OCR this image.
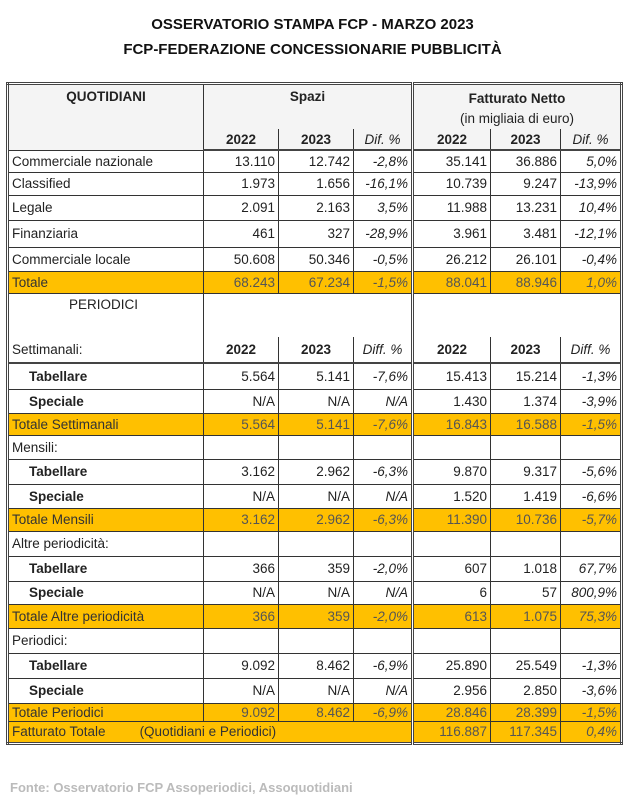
OSSERVATORIO STAMPA FCP - MARZO 2023
FCP-FEDERAZIONE CONCESSIONARIE PUBBLICITÀ
QUOTIDIANI	Spazi			Fatturato Netto
(in migliaia di euro)		
	2022	2023	Dif. %	2022	2023	Dif. %
Commerciale nazionale	13.110	12.742	-2,8%	35.141	36.886	5,0%
Classified	1.973	1.656	-16,1%	10.739	9.247	-13,9%
Legale	2.091	2.163	3,5%	11.988	13.231	10,4%
Finanziaria	461	327	-28,9%	3.961	3.481	-12,1%
Commerciale locale	50.608	50.346	-0,5%	26.212	26.101	-0,4%
Totale	68.243	67.234	-1,5%	88.041	88.946	1,0%
PERIODICI						
Settimanali:	2022	2023	Diff. %	2022	2023	Diff. %
Tabellare	5.564	5.141	-7,6%	15.413	15.214	-1,3%
Speciale	N/A	N/A	N/A	1.430	1.374	-3,9%
Totale Settimanali	5.564	5.141	-7,6%	16.843	16.588	-1,5%
Mensili:						
Tabellare	3.162	2.962	-6,3%	9.870	9.317	-5,6%
Speciale	N/A	N/A	N/A	1.520	1.419	-6,6%
Totale Mensili	3.162	2.962	-6,3%	11.390	10.736	-5,7%
Altre periodicità:						
Tabellare	366	359	-2,0%	607	1.018	67,7%
Speciale	N/A	N/A	N/A	6	57	800,9%
Totale Altre periodicità	366	359	-2,0%	613	1.075	75,3%
Periodici:						
Tabellare	9.092	8.462	-6,9%	25.890	25.549	-1,3%
Speciale	N/A	N/A	N/A	2.956	2.850	-3,6%
Totale Periodici	9.092	8.462	-6,9%	28.846	28.399	-1,5%
Fatturato Totale (Quotidiani e Periodici)				116.887	117.345	0,4%
Fonte: Osservatorio FCP Assoperiodici, Assoquotidiani
